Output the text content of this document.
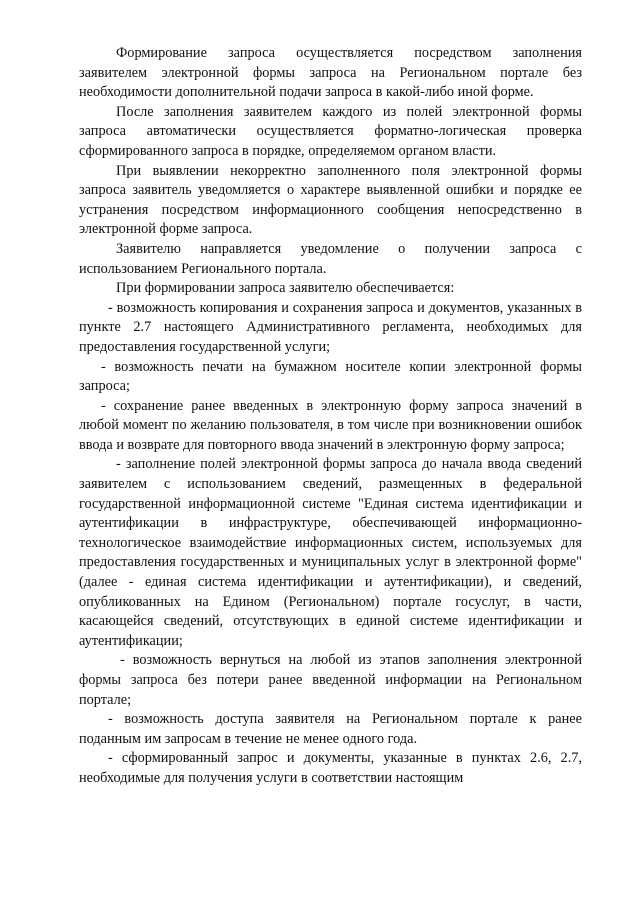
Формирование запроса осуществляется посредством заполнения заявителем электронной формы запроса на Региональном портале без необходимости дополнительной подачи запроса в какой-либо иной форме.

После заполнения заявителем каждого из полей электронной формы запроса автоматически осуществляется форматно-логическая проверка сформированного запроса в порядке, определяемом органом власти.

При выявлении некорректно заполненного поля электронной формы запроса заявитель уведомляется о характере выявленной ошибки и порядке ее устранения посредством информационного сообщения непосредственно в электронной форме запроса.

Заявителю направляется уведомление о получении запроса с использованием Регионального портала.

При формировании запроса заявителю обеспечивается:

- возможность копирования и сохранения запроса и документов, указанных в пункте 2.7 настоящего Административного регламента, необходимых для предоставления государственной услуги;

- возможность печати на бумажном носителе копии электронной формы запроса;

- сохранение ранее введенных в электронную форму запроса значений в любой момент по желанию пользователя, в том числе при возникновении ошибок ввода и возврате для повторного ввода значений в электронную форму запроса;

- заполнение полей электронной формы запроса до начала ввода сведений заявителем с использованием сведений, размещенных в федеральной государственной информационной системе "Единая система идентификации и аутентификации в инфраструктуре, обеспечивающей информационно-технологическое взаимодействие информационных систем, используемых для предоставления государственных и муниципальных услуг в электронной форме" (далее - единая система идентификации и аутентификации), и сведений, опубликованных на Едином (Региональном) портале госуслуг, в части, касающейся сведений, отсутствующих в единой системе идентификации и аутентификации;

- возможность вернуться на любой из этапов заполнения электронной формы запроса без потери ранее введенной информации на Региональном портале;

- возможность доступа заявителя на Региональном портале к ранее поданным им запросам в течение не менее одного года.

- сформированный запрос и документы, указанные в пунктах 2.6, 2.7, необходимые для получения услуги в соответствии настоящим
